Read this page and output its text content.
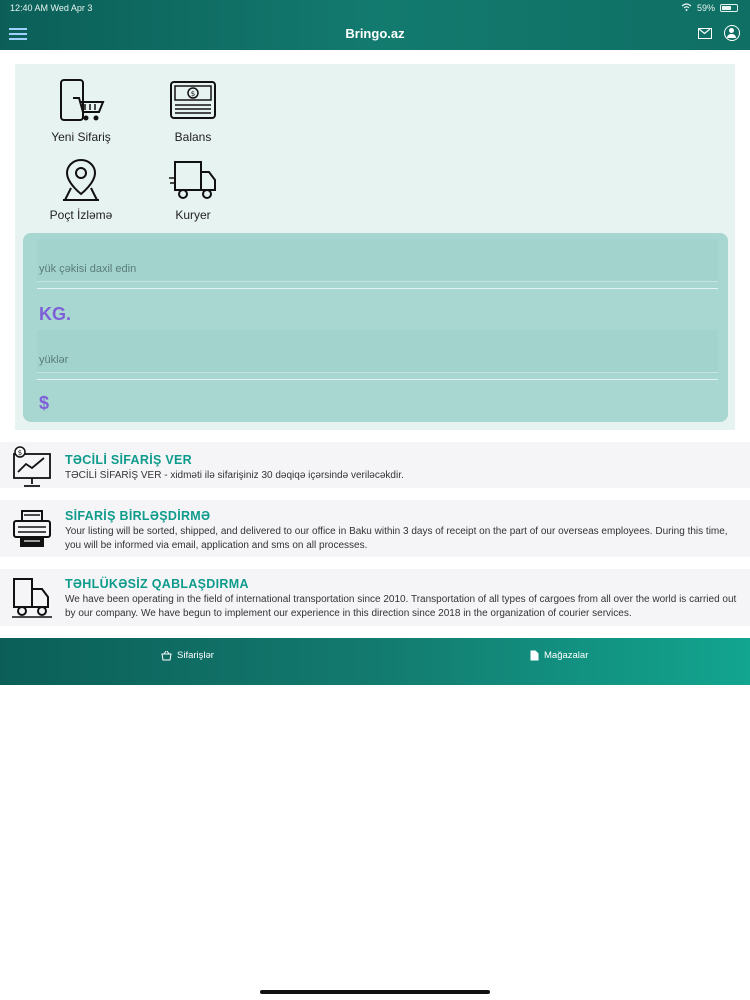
12:40 AM Wed Apr 3	59%
Bringo.az
Yeni Sifariş
$
Balans
Poçt İzləmə	Kuryer
yük çəkisi daxil edin
KG.
yüklər
$
$	TƏCİLİ SİFARİŞ VER

TƏCİLİ SİFARİŞ VER - xidməti ilə sifarişiniz 30 dəqiqə içərsində veriləcəkdir.

SİFARİŞ BİRLƏŞDİRMƏ

Your listing will be sorted, shipped, and delivered to our office in Baku within 3 days of receipt on the part of our overseas employees. During this time, you will be informed via email, application and sms on all processes.

TƏHLÜKƏSİZ QABLAŞDIRMA

We have been operating in the field of international transportation since 2010. Transportation of all types of cargoes from all over the world is carried out by our company. We have begun to implement our experience in this direction since 2018 in the organization of courier services.

Sifarişlər	Mağazalar
